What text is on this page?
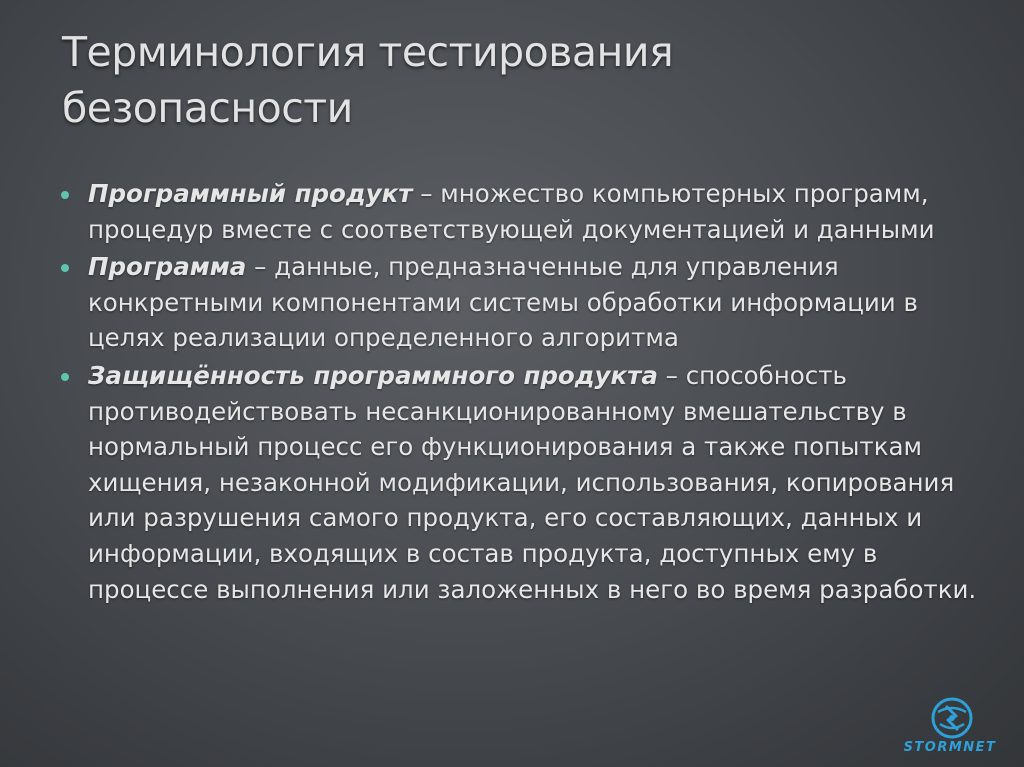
Терминология тестирования безопасности
Программный продукт – множество компьютерных программ, процедур вместе с соответствующей документацией и данными
Программа – данные, предназначенные для управления конкретными компонентами системы обработки информации в целях реализации определенного алгоритма
Защищённость программного продукта – способность противодействовать несанкционированному вмешательству в нормальный процесс его функционирования а также попыткам хищения, незаконной модификации, использования, копирования или разрушения самого продукта, его составляющих, данных и информации, входящих в состав продукта, доступных ему в процессе выполнения или заложенных в него во время разработки.
STORMNET
